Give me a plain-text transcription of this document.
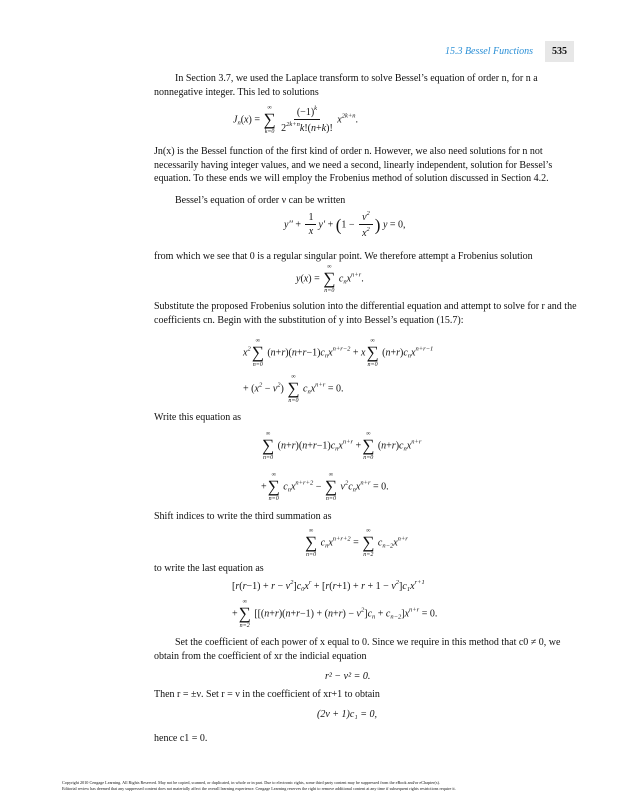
15.3 Bessel Functions	535
In Section 3.7, we used the Laplace transform to solve Bessel’s equation of order n, for n a nonnegative integer. This led to solutions
$J_n(x)$ =
∞
∑
k=0
$\frac{(-1)^k}{2^{2k+n}k!(n+k)!} x^{2k+n}$.
Jn(x) is the Bessel function of the first kind of order n. However, we also need solutions for n not necessarily having integer values, and we need a second, linearly independent, solution for Bessel’s equation. To these ends we will employ the Frobenius method of solution discussed in Section 4.2.
Bessel’s equation of order ν can be written
$y'' + \frac{1}{x} y' + (1 - \frac{\nu^2}{x^2}$ ) y = 0,
from which we see that 0 is a regular singular point. We therefore attempt a Frobenius solution
y(x) =
∞
∑
n=0
$c_nx^{n+r}$.
Substitute the proposed Frobenius solution into the differential equation and attempt to solve for r and the coefficients cn. Begin with the substitution of y into Bessel’s equation (15.7):
$x^2$
∞
∑
n=0
$(n+r)(n+r-1)c_nx^{n+r-2} + x$
∞
∑
n=0
$(n+r)c_nx^{n+r-1}$
+ $(x^2 - \nu^2)$
∞
∑
n=0
$c_nx^{n+r} = 0$.
Write this equation as
∞
∑
n=0
$(n+r)(n+r-1)c_nx^{n+r}$ +
∞
∑
n=0
$(n+r)c_nx^{n+r}$
+
∞
∑
n=0
$c_nx^{n+r+2}$ −
∞
∑
n=0
$\nu^2c_nx^{n+r} = 0$.
Shift indices to write the third summation as
∞
∑
n=0
$c_nx^{n+r+2}$ =
∞
∑
n=2
$c_{n-2}x^{n+r}$
to write the last equation as
$[r(r-1) + r - \nu^2]c_0x^r + [r(r+1) + r + 1 - \nu^2]c_1x^{r+1}$
+
∞
∑
n=2
$[[(n+r)(n+r-1) + (n+r) - \nu^2]c_n + c_{n-2}]x^{n+r} = 0$.
Set the coefficient of each power of x equal to 0. Since we require in this method that c0 ≠ 0, we obtain from the coefficient of xr the indicial equation
r² − ν² = 0.
Then r = ±ν. Set r = ν in the coefficient of xr+1 to obtain
(2ν + 1)c₁ = 0,
hence c1 = 0.
Copyright 2010 Cengage Learning. All Rights Reserved. May not be copied, scanned, or duplicated, in whole or in part. Due to electronic rights, some third party content may be suppressed from the eBook and/or eChapter(s).
Editorial review has deemed that any suppressed content does not materially affect the overall learning experience. Cengage Learning reserves the right to remove additional content at any time if subsequent rights restrictions require it.
